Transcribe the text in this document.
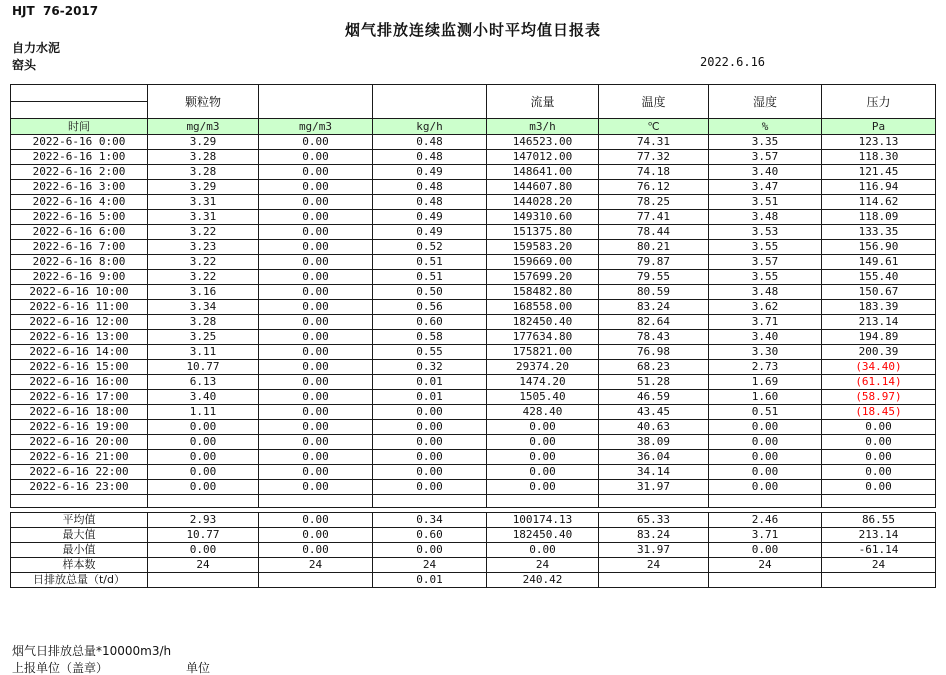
HJT  76-2017
烟气排放连续监测小时平均值日报表
自力水泥
窑头	2022.6.16
	颗粒物			流量	温度	湿度	压力
时间	mg/m3	mg/m3	kg/h	m3/h	℃	%	Pa
2022-6-16 0:00	3.29	0.00	0.48	146523.00	74.31	3.35	123.13
2022-6-16 1:00	3.28	0.00	0.48	147012.00	77.32	3.57	118.30
2022-6-16 2:00	3.28	0.00	0.49	148641.00	74.18	3.40	121.45
2022-6-16 3:00	3.29	0.00	0.48	144607.80	76.12	3.47	116.94
2022-6-16 4:00	3.31	0.00	0.48	144028.20	78.25	3.51	114.62
2022-6-16 5:00	3.31	0.00	0.49	149310.60	77.41	3.48	118.09
2022-6-16 6:00	3.22	0.00	0.49	151375.80	78.44	3.53	133.35
2022-6-16 7:00	3.23	0.00	0.52	159583.20	80.21	3.55	156.90
2022-6-16 8:00	3.22	0.00	0.51	159669.00	79.87	3.57	149.61
2022-6-16 9:00	3.22	0.00	0.51	157699.20	79.55	3.55	155.40
2022-6-16 10:00	3.16	0.00	0.50	158482.80	80.59	3.48	150.67
2022-6-16 11:00	3.34	0.00	0.56	168558.00	83.24	3.62	183.39
2022-6-16 12:00	3.28	0.00	0.60	182450.40	82.64	3.71	213.14
2022-6-16 13:00	3.25	0.00	0.58	177634.80	78.43	3.40	194.89
2022-6-16 14:00	3.11	0.00	0.55	175821.00	76.98	3.30	200.39
2022-6-16 15:00	10.77	0.00	0.32	29374.20	68.23	2.73	(34.40)
2022-6-16 16:00	6.13	0.00	0.01	1474.20	51.28	1.69	(61.14)
2022-6-16 17:00	3.40	0.00	0.01	1505.40	46.59	1.60	(58.97)
2022-6-16 18:00	1.11	0.00	0.00	428.40	43.45	0.51	(18.45)
2022-6-16 19:00	0.00	0.00	0.00	0.00	40.63	0.00	0.00
2022-6-16 20:00	0.00	0.00	0.00	0.00	38.09	0.00	0.00
2022-6-16 21:00	0.00	0.00	0.00	0.00	36.04	0.00	0.00
2022-6-16 22:00	0.00	0.00	0.00	0.00	34.14	0.00	0.00
2022-6-16 23:00	0.00	0.00	0.00	0.00	31.97	0.00	0.00

平均值	2.93	0.00	0.34	100174.13	65.33	2.46	86.55
最大值	10.77	0.00	0.60	182450.40	83.24	3.71	213.14
最小值	0.00	0.00	0.00	0.00	31.97	0.00	-61.14
样本数	24	24	24	24	24	24	24
日排放总量（t/d）			0.01	240.42			
烟气日排放总量*10000m3/h
上报单位（盖章）	单位
